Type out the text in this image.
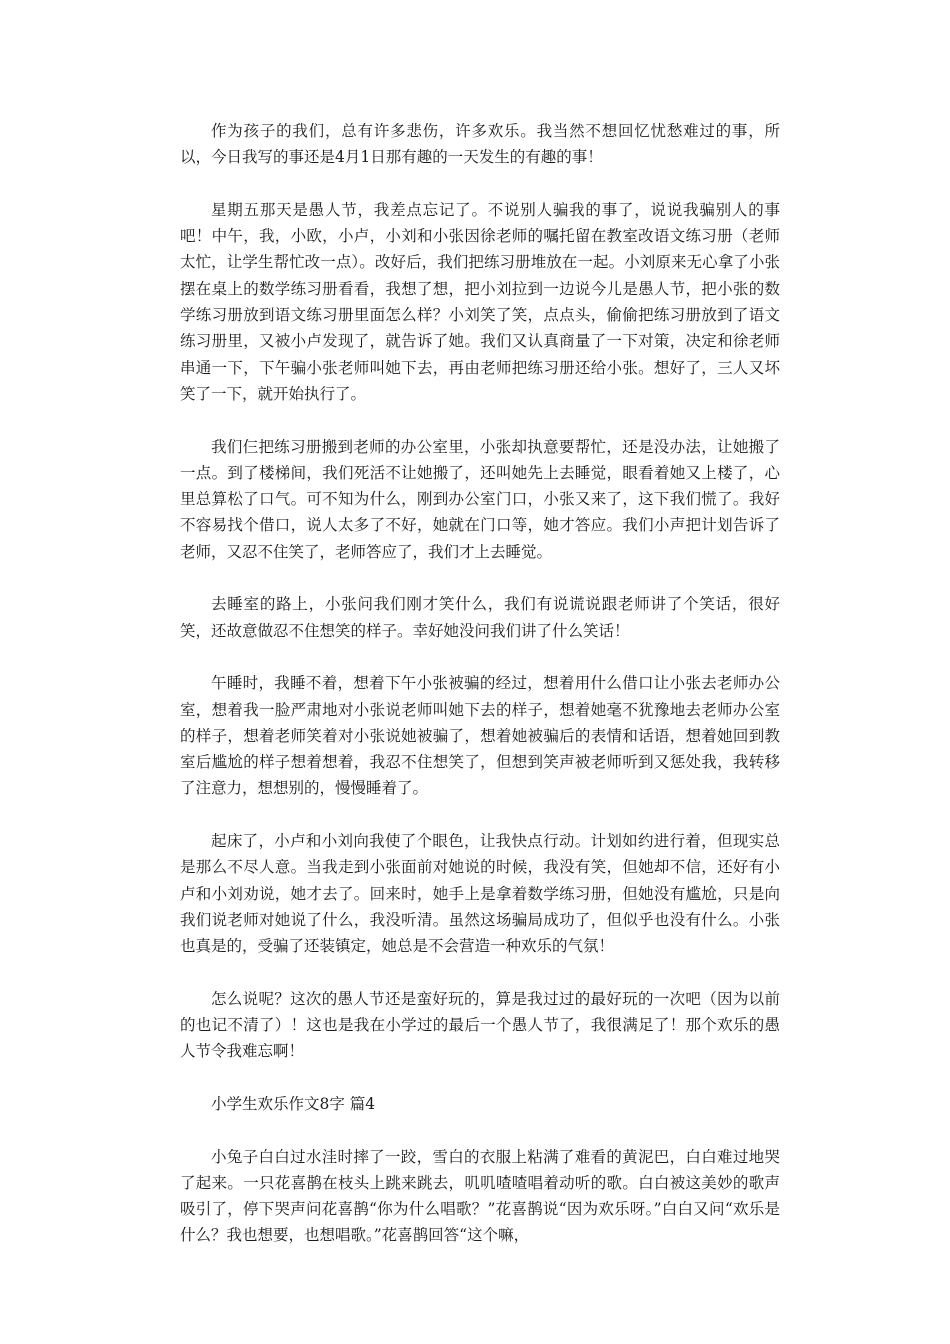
作为孩子的我们，总有许多悲伤，许多欢乐。我当然不想回忆忧愁难过的事，所以，今日我写的事还是4月1日那有趣的一天发生的有趣的事！

星期五那天是愚人节，我差点忘记了。不说别人骗我的事了，说说我骗别人的事吧！中午，我，小欧，小卢，小刘和小张因徐老师的嘱托留在教室改语文练习册（老师太忙，让学生帮忙改一点）。改好后，我们把练习册堆放在一起。小刘原来无心拿了小张摆在桌上的数学练习册看看，我想了想，把小刘拉到一边说今儿是愚人节，把小张的数学练习册放到语文练习册里面怎么样？小刘笑了笑，点点头，偷偷把练习册放到了语文练习册里，又被小卢发现了，就告诉了她。我们又认真商量了一下对策，决定和徐老师串通一下，下午骗小张老师叫她下去，再由老师把练习册还给小张。想好了，三人又坏笑了一下，就开始执行了。

我们仨把练习册搬到老师的办公室里，小张却执意要帮忙，还是没办法，让她搬了一点。到了楼梯间，我们死活不让她搬了，还叫她先上去睡觉，眼看着她又上楼了，心里总算松了口气。可不知为什么，刚到办公室门口，小张又来了，这下我们慌了。我好不容易找个借口，说人太多了不好，她就在门口等，她才答应。我们小声把计划告诉了老师，又忍不住笑了，老师答应了，我们才上去睡觉。

去睡室的路上，小张问我们刚才笑什么，我们有说谎说跟老师讲了个笑话，很好笑，还故意做忍不住想笑的样子。幸好她没问我们讲了什么笑话！

午睡时，我睡不着，想着下午小张被骗的经过，想着用什么借口让小张去老师办公室，想着我一脸严肃地对小张说老师叫她下去的样子，想着她毫不犹豫地去老师办公室的样子，想着老师笑着对小张说她被骗了，想着她被骗后的表情和话语，想着她回到教室后尴尬的样子想着想着，我忍不住想笑了，但想到笑声被老师听到又惩处我，我转移了注意力，想想别的，慢慢睡着了。

起床了，小卢和小刘向我使了个眼色，让我快点行动。计划如约进行着，但现实总是那么不尽人意。当我走到小张面前对她说的时候，我没有笑，但她却不信，还好有小卢和小刘劝说，她才去了。回来时，她手上是拿着数学练习册，但她没有尴尬，只是向我们说老师对她说了什么，我没听清。虽然这场骗局成功了，但似乎也没有什么。小张也真是的，受骗了还装镇定，她总是不会营造一种欢乐的气氛！

怎么说呢？这次的愚人节还是蛮好玩的，算是我过过的最好玩的一次吧（因为以前的也记不清了）！这也是我在小学过的最后一个愚人节了，我很满足了！那个欢乐的愚人节令我难忘啊！

小学生欢乐作文8字 篇4

小兔子白白过水洼时摔了一跤，雪白的衣服上粘满了难看的黄泥巴，白白难过地哭了起来。一只花喜鹊在枝头上跳来跳去，叽叽喳喳唱着动听的歌。白白被这美妙的歌声吸引了，停下哭声问花喜鹊“你为什么唱歌？”花喜鹊说“因为欢乐呀。”白白又问“欢乐是什么？我也想要，也想唱歌。”花喜鹊回答“这个嘛，
